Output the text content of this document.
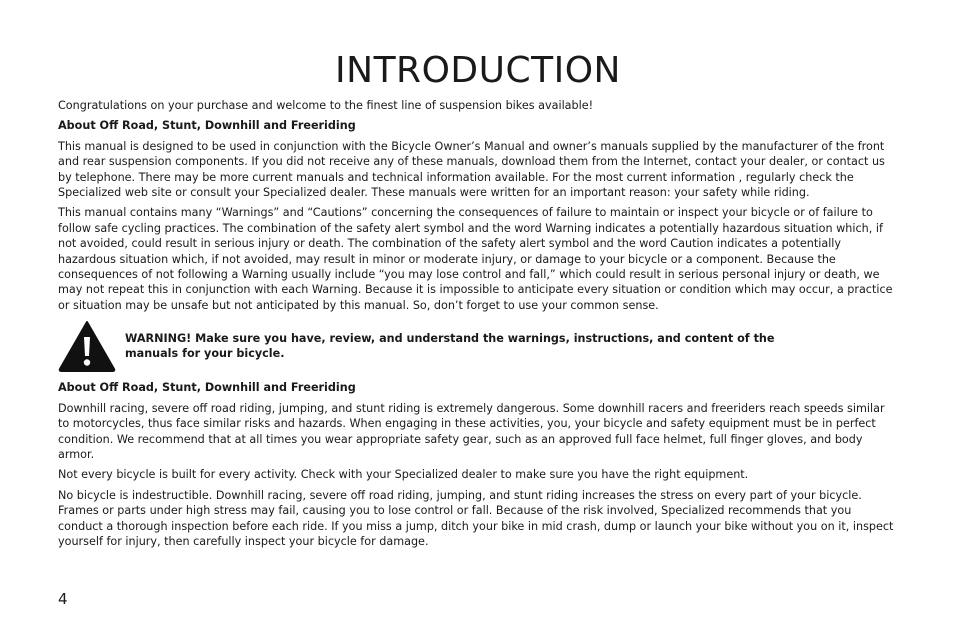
INTRODUCTION

Congratulations on your purchase and welcome to the finest line of suspension bikes available!

About Off Road, Stunt, Downhill and Freeriding

This manual is designed to be used in conjunction with the Bicycle Owner’s Manual and owner’s manuals supplied by the manufacturer of the front and rear suspension components. If you did not receive any of these manuals, download them from the Internet, contact your dealer, or contact us by telephone. There may be more current manuals and technical information available. For the most current information , regularly check the Specialized web site or consult your Specialized dealer. These manuals were written for an important reason: your safety while riding.

This manual contains many “Warnings” and “Cautions” concerning the consequences of failure to maintain or inspect your bicycle or of failure to follow safe cycling practices. The combination of the safety alert symbol and the word Warning indicates a potentially hazardous situation which, if not avoided, could result in serious injury or death. The combination of the safety alert symbol and the word Caution indicates a potentially hazardous situation which, if not avoided, may result in minor or moderate injury, or damage to your bicycle or a component. Because the consequences of not following a Warning usually include “you may lose control and fall,” which could result in serious personal injury or death, we may not repeat this in conjunction with each Warning. Because it is impossible to anticipate every situation or condition which may occur, a practice or situation may be unsafe but not anticipated by this manual. So, don’t forget to use your common sense.

WARNING! Make sure you have, review, and understand the warnings, instructions, and content of the manuals for your bicycle.
About Off Road, Stunt, Downhill and Freeriding

Downhill racing, severe off road riding, jumping, and stunt riding is extremely dangerous. Some downhill racers and freeriders reach speeds similar to motorcycles, thus face similar risks and hazards. When engaging in these activities, you, your bicycle and safety equipment must be in perfect condition. We recommend that at all times you wear appropriate safety gear, such as an approved full face helmet, full finger gloves, and body armor.

Not every bicycle is built for every activity. Check with your Specialized dealer to make sure you have the right equipment.

No bicycle is indestructible. Downhill racing, severe off road riding, jumping, and stunt riding increases the stress on every part of your bicycle. Frames or parts under high stress may fail, causing you to lose control or fall. Because of the risk involved, Specialized recommends that you conduct a thorough inspection before each ride. If you miss a jump, ditch your bike in mid crash, dump or launch your bike without you on it, inspect yourself for injury, then carefully inspect your bicycle for damage.

4
